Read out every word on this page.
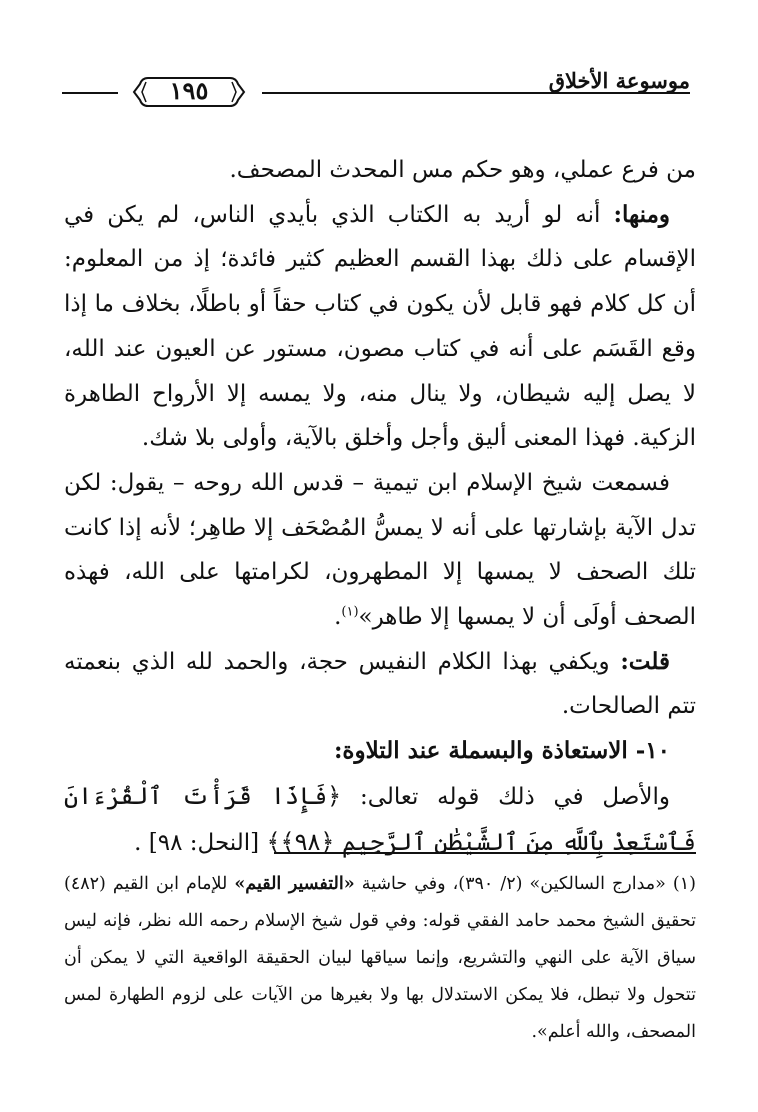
موسوعة الأخلاق
١٩٥

من فرع عملي، وهو حكم مس المحدث المصحف.

ومنها: أنه لو أريد به الكتاب الذي بأيدي الناس، لم يكن في الإقسام على ذلك بهذا القسم العظيم كثير فائدة؛ إذ من المعلوم: أن كل كلام فهو قابل لأن يكون في كتاب حقاً أو باطلًا، بخلاف ما إذا وقع القَسَم على أنه في كتاب مصون، مستور عن العيون عند الله، لا يصل إليه شيطان، ولا ينال منه، ولا يمسه إلا الأرواح الطاهرة الزكية. فهذا المعنى أليق وأجل وأخلق بالآية، وأولى بلا شك.

فسمعت شيخ الإسلام ابن تيمية – قدس الله روحه – يقول: لكن تدل الآية بإشارتها على أنه لا يمسُّ المُصْحَف إلا طاهِر؛ لأنه إذا كانت تلك الصحف لا يمسها إلا المطهرون، لكرامتها على الله، فهذه الصحف أولَى أن لا يمسها إلا طاهر»$^{(١)}$.

قلت: ويكفي بهذا الكلام النفيس حجة، والحمد لله الذي بنعمته تتم الصالحات.

١٠- الاستعاذة والبسملة عند التلاوة:

والأصل في ذلك قوله تعالى: ﴿فَإِذَا قَرَأْتَ ٱلْقُرْءَانَ فَٱسْتَعِذْ بِٱللَّهِ مِنَ ٱلشَّيْطَٰنِ ٱلرَّجِيمِ ﴿٩٨﴾﴾ [النحل: ٩٨] .

(١) «مدارج السالكين» (٢/ ٣٩٠)، وفي حاشية «التفسير القيم» للإمام ابن القيم (٤٨٢) تحقيق الشيخ محمد حامد الفقي قوله: وفي قول شيخ الإسلام رحمه الله نظر، فإنه ليس سياق الآية على النهي والتشريع، وإنما سياقها لبيان الحقيقة الواقعية التي لا يمكن أن تتحول ولا تبطل، فلا يمكن الاستدلال بها ولا بغيرها من الآيات على لزوم الطهارة لمس المصحف، والله أعلم».
